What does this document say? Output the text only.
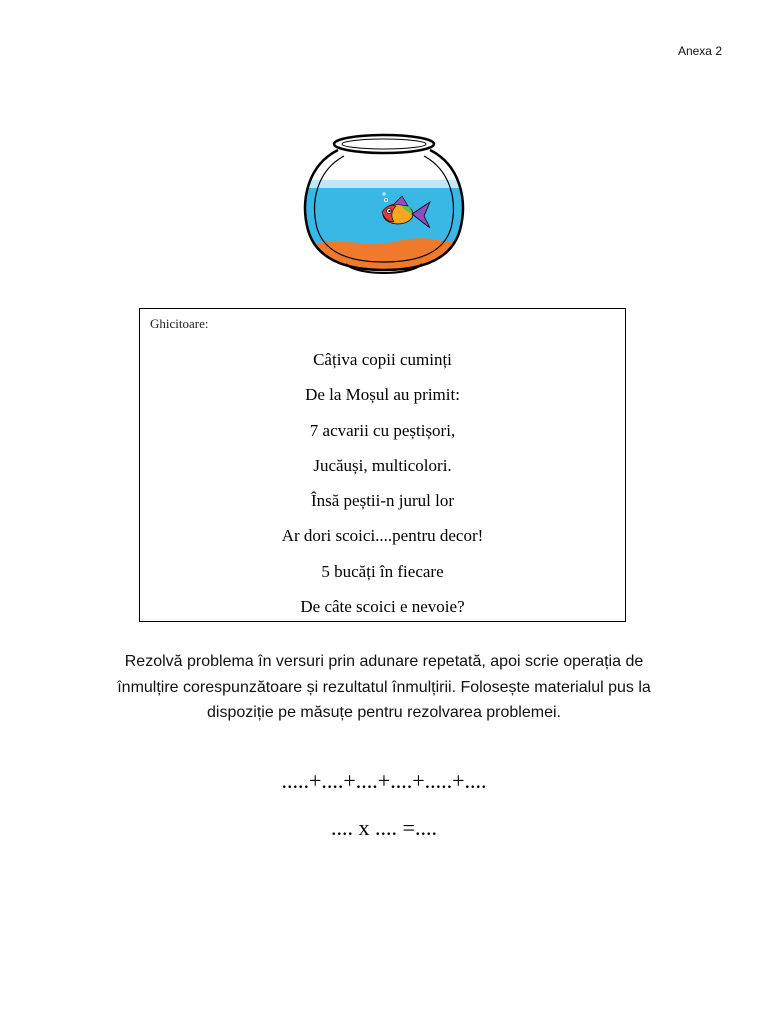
Anexa 2
Ghicitoare:
Câțiva copii cuminți
De la Moșul au primit:
7 acvarii cu peștișori,
Jucăuși, multicolori.
Însă peștii-n jurul lor
Ar dori scoici....pentru decor!
5 bucăți în fiecare
De câte scoici e nevoie?
Rezolvă problema în versuri prin adunare repetată, apoi scrie operația de
înmulțire corespunzătoare și rezultatul înmulțirii. Folosește materialul pus la
dispoziție pe măsuțe pentru rezolvarea problemei.
.....+....+....+....+.....+....
.... x .... =....
